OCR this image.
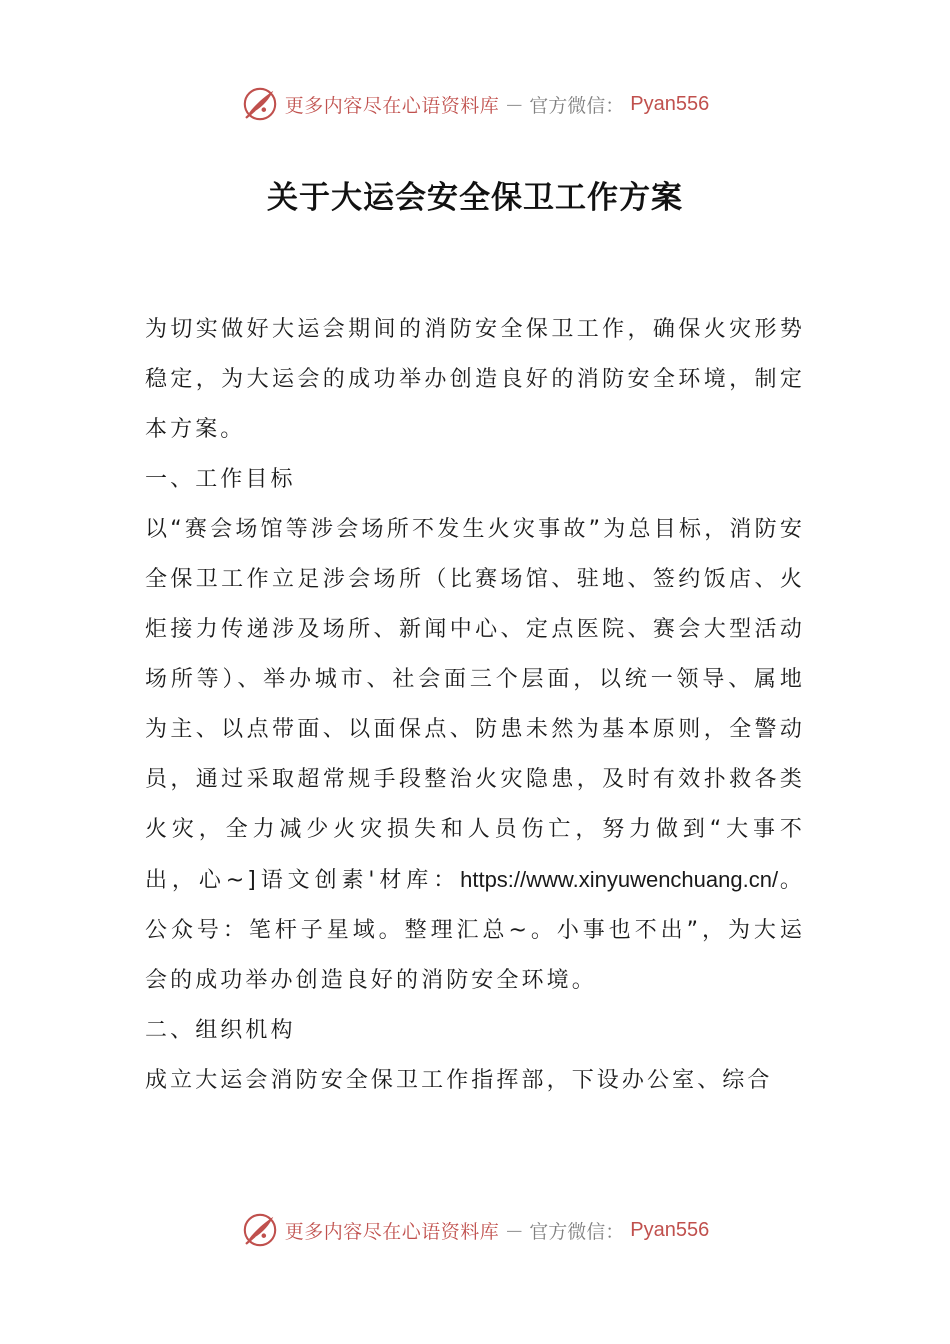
更多内容尽在心语资料库 — 官方微信： Pyan556
关于大运会安全保卫工作方案

为切实做好大运会期间的消防安全保卫工作，确保火灾形势稳定，为大运会的成功举办创造良好的消防安全环境，制定本方案。

一、工作目标

以“赛会场馆等涉会场所不发生火灾事故”为总目标，消防安全保卫工作立足涉会场所（比赛场馆、驻地、签约饭店、火炬接力传递涉及场所、新闻中心、定点医院、赛会大型活动场所等）、举办城市、社会面三个层面，以统一领导、属地为主、以点带面、以面保点、防患未然为基本原则，全警动员，通过采取超常规手段整治火灾隐患，及时有效扑救各类火灾，全力减少火灾损失和人员伤亡，努力做到“大事不出，心~]语文创素'材库：https://www.xinyuwenchuang.cn/。公众号：笔杆子星域。整理汇总~。小事也不出”，为大运会的成功举办创造良好的消防安全环境。

二、组织机构

成立大运会消防安全保卫工作指挥部，下设办公室、综合

更多内容尽在心语资料库 — 官方微信： Pyan556
